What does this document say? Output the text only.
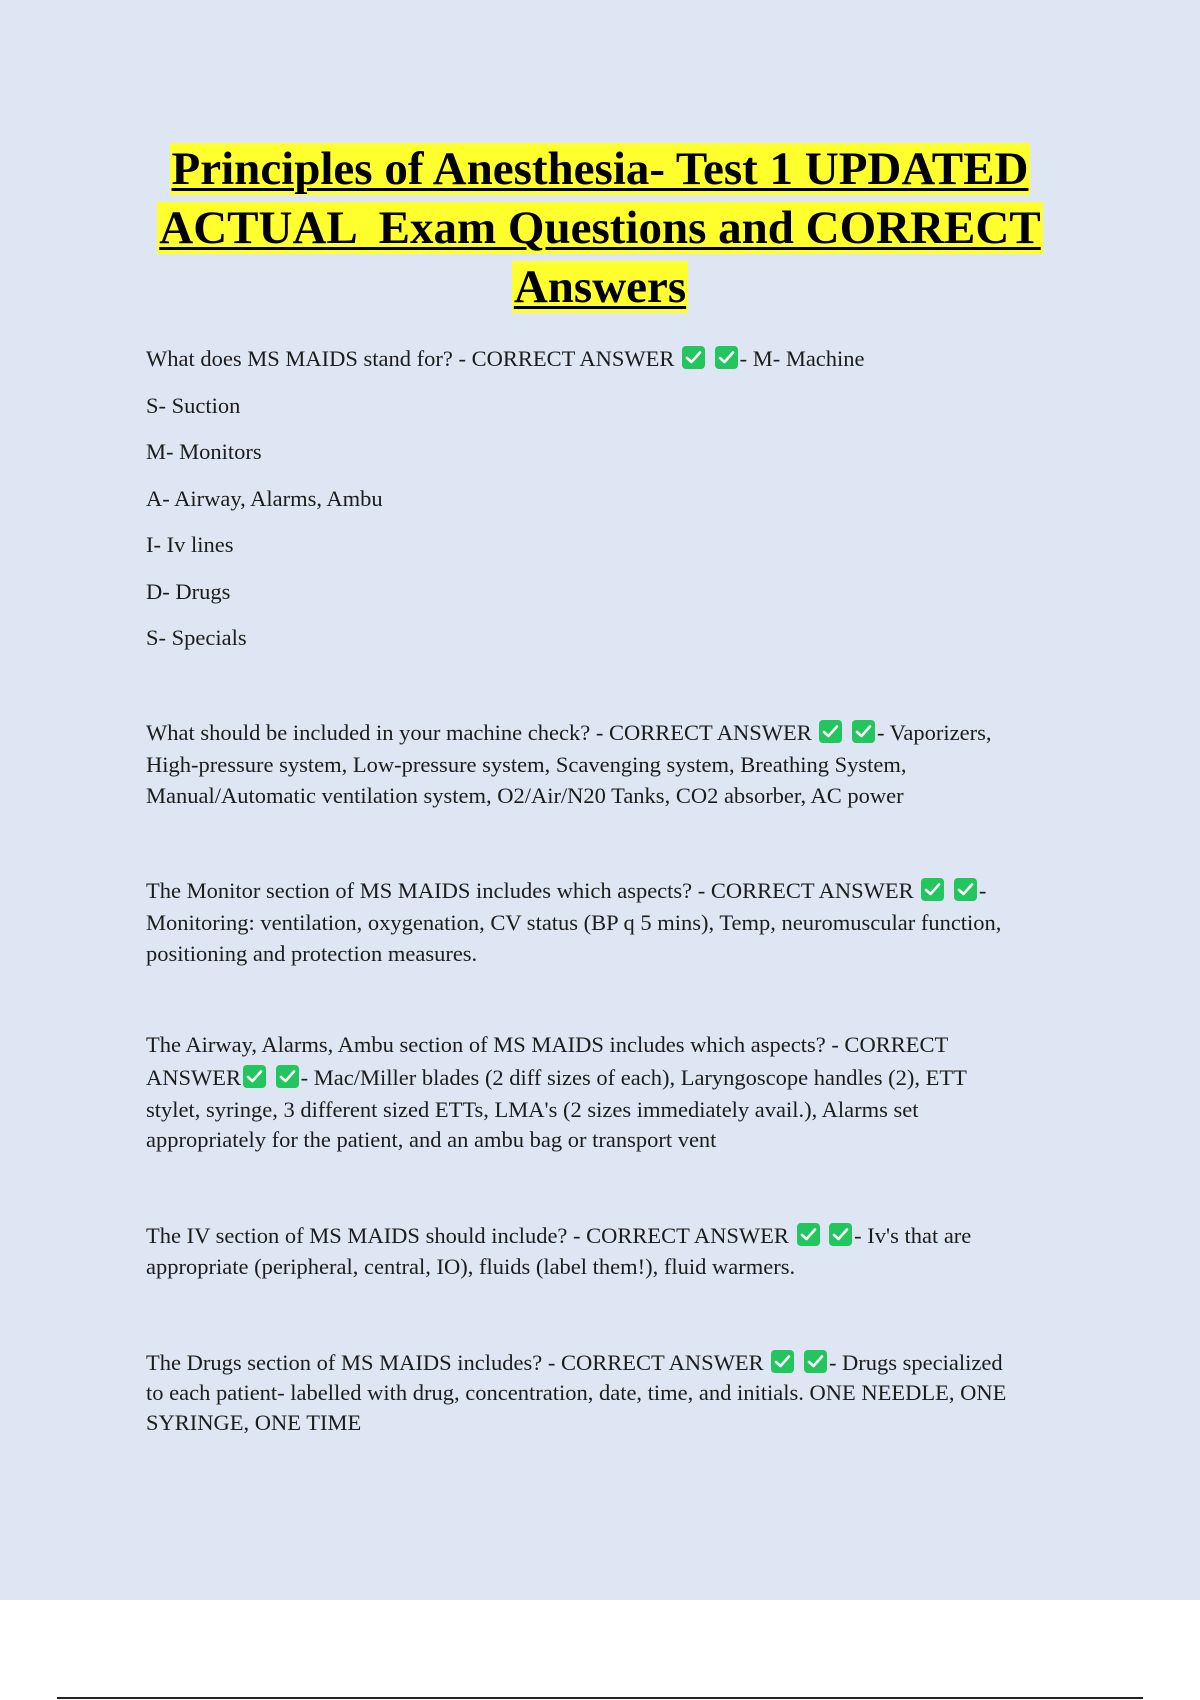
Principles of Anesthesia- Test 1 UPDATED
ACTUAL  Exam Questions and CORRECT
Answers

What does MS MAIDS stand for? - CORRECT ANSWER
	- M- Machine

S- Suction

M- Monitors

A- Airway, Alarms, Ambu

I- Iv lines

D- Drugs

S- Specials

What should be included in your machine check? - CORRECT ANSWER
	- Vaporizers,

High-pressure system, Low-pressure system, Scavenging system, Breathing System,

Manual/Automatic ventilation system, O2/Air/N20 Tanks, CO2 absorber, AC power

The Monitor section of MS MAIDS includes which aspects? - CORRECT ANSWER
	-

Monitoring: ventilation, oxygenation, CV status (BP q 5 mins), Temp, neuromuscular function,

positioning and protection measures.

The Airway, Alarms, Ambu section of MS MAIDS includes which aspects? - CORRECT

ANSWER
	- Mac/Miller blades (2 diff sizes of each), Laryngoscope handles (2), ETT

stylet, syringe, 3 different sized ETTs, LMA's (2 sizes immediately avail.), Alarms set

appropriately for the patient, and an ambu bag or transport vent

The IV section of MS MAIDS should include? - CORRECT ANSWER
	- Iv's that are

appropriate (peripheral, central, IO), fluids (label them!), fluid warmers.

The Drugs section of MS MAIDS includes? - CORRECT ANSWER
	- Drugs specialized

to each patient- labelled with drug, concentration, date, time, and initials. ONE NEEDLE, ONE

SYRINGE, ONE TIME
